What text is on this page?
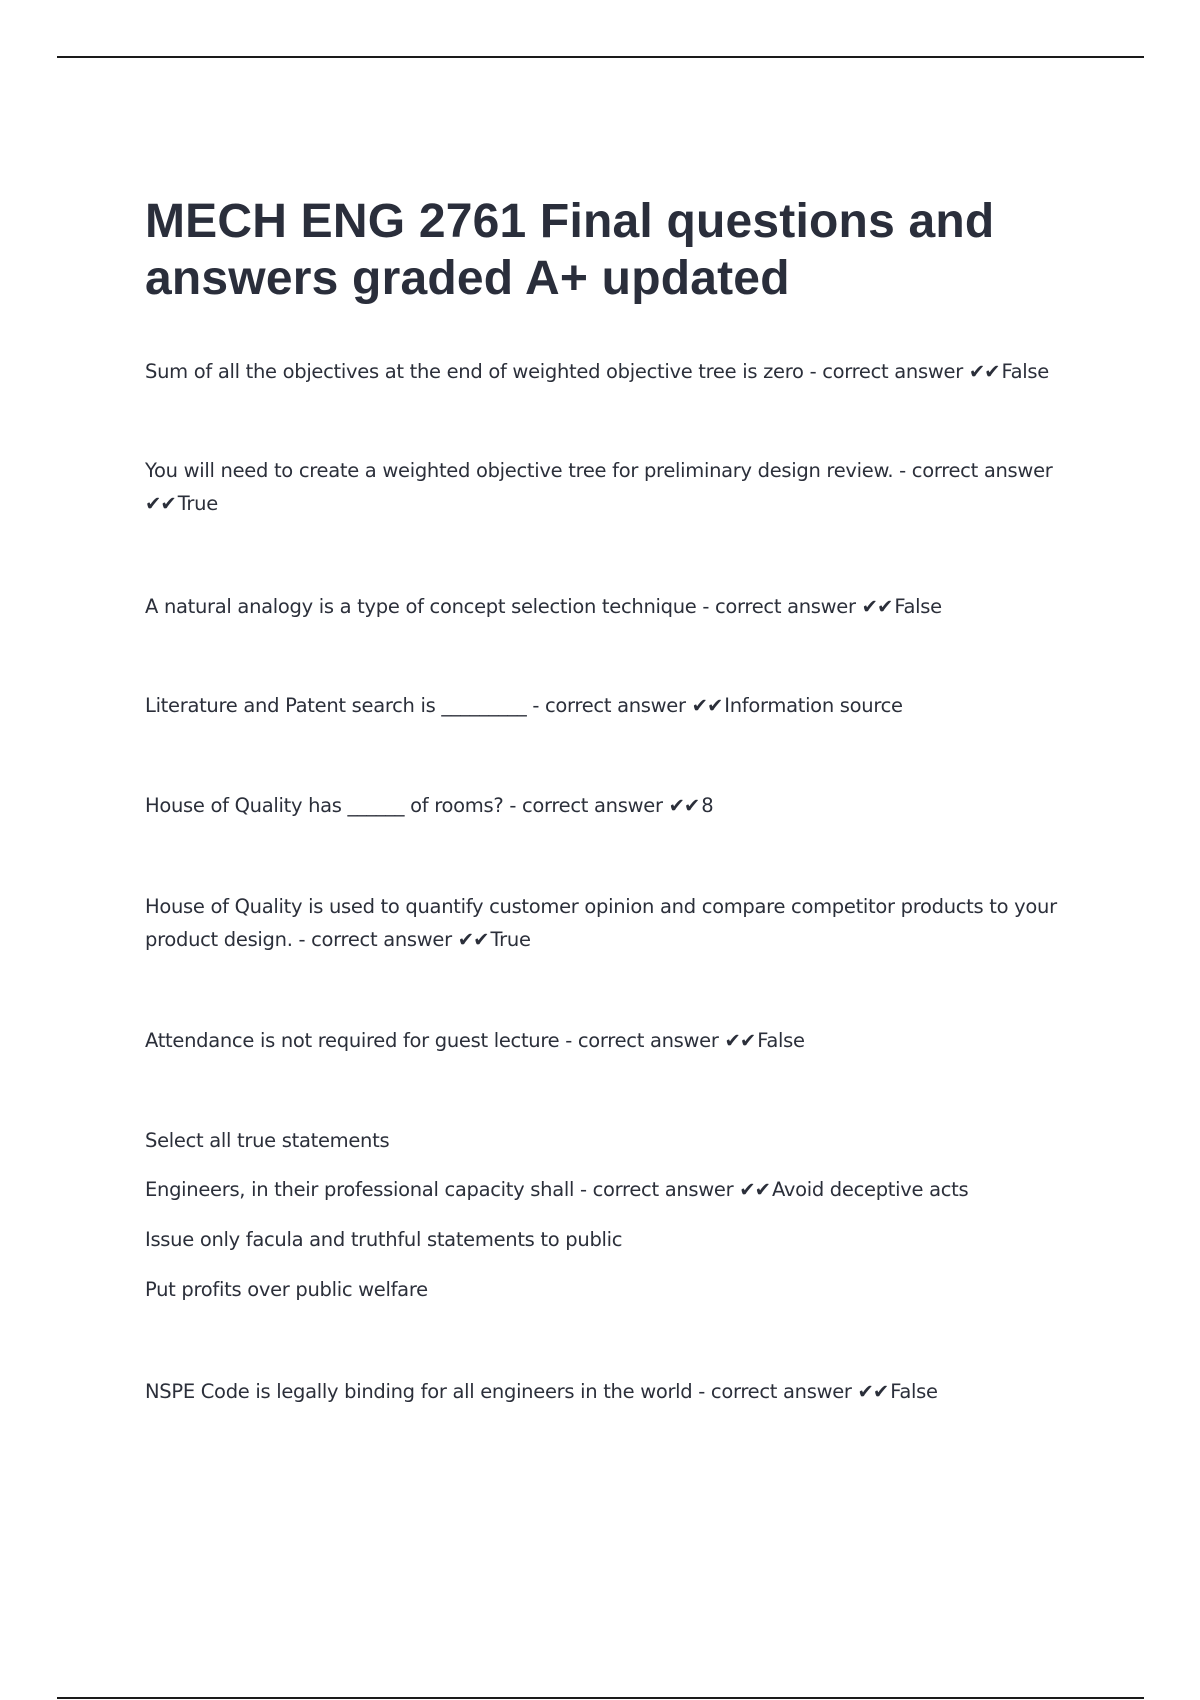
MECH ENG 2761 Final questions and answers graded A+ updated

Sum of all the objectives at the end of weighted objective tree is zero - correct answer ✔✔ False

You will need to create a weighted objective tree for preliminary design review. - correct answer ✔✔ True

A natural analogy is a type of concept selection technique - correct answer ✔✔ False

Literature and Patent search is _________ - correct answer ✔✔ Information source

House of Quality has ______ of rooms? - correct answer ✔✔ 8

House of Quality is used to quantify customer opinion and compare competitor products to your product design. - correct answer ✔✔ True

Attendance is not required for guest lecture - correct answer ✔✔ False

Select all true statements

Engineers, in their professional capacity shall - correct answer ✔✔ Avoid deceptive acts

Issue only facula and truthful statements to public

Put profits over public welfare

NSPE Code is legally binding for all engineers in the world - correct answer ✔✔ False
